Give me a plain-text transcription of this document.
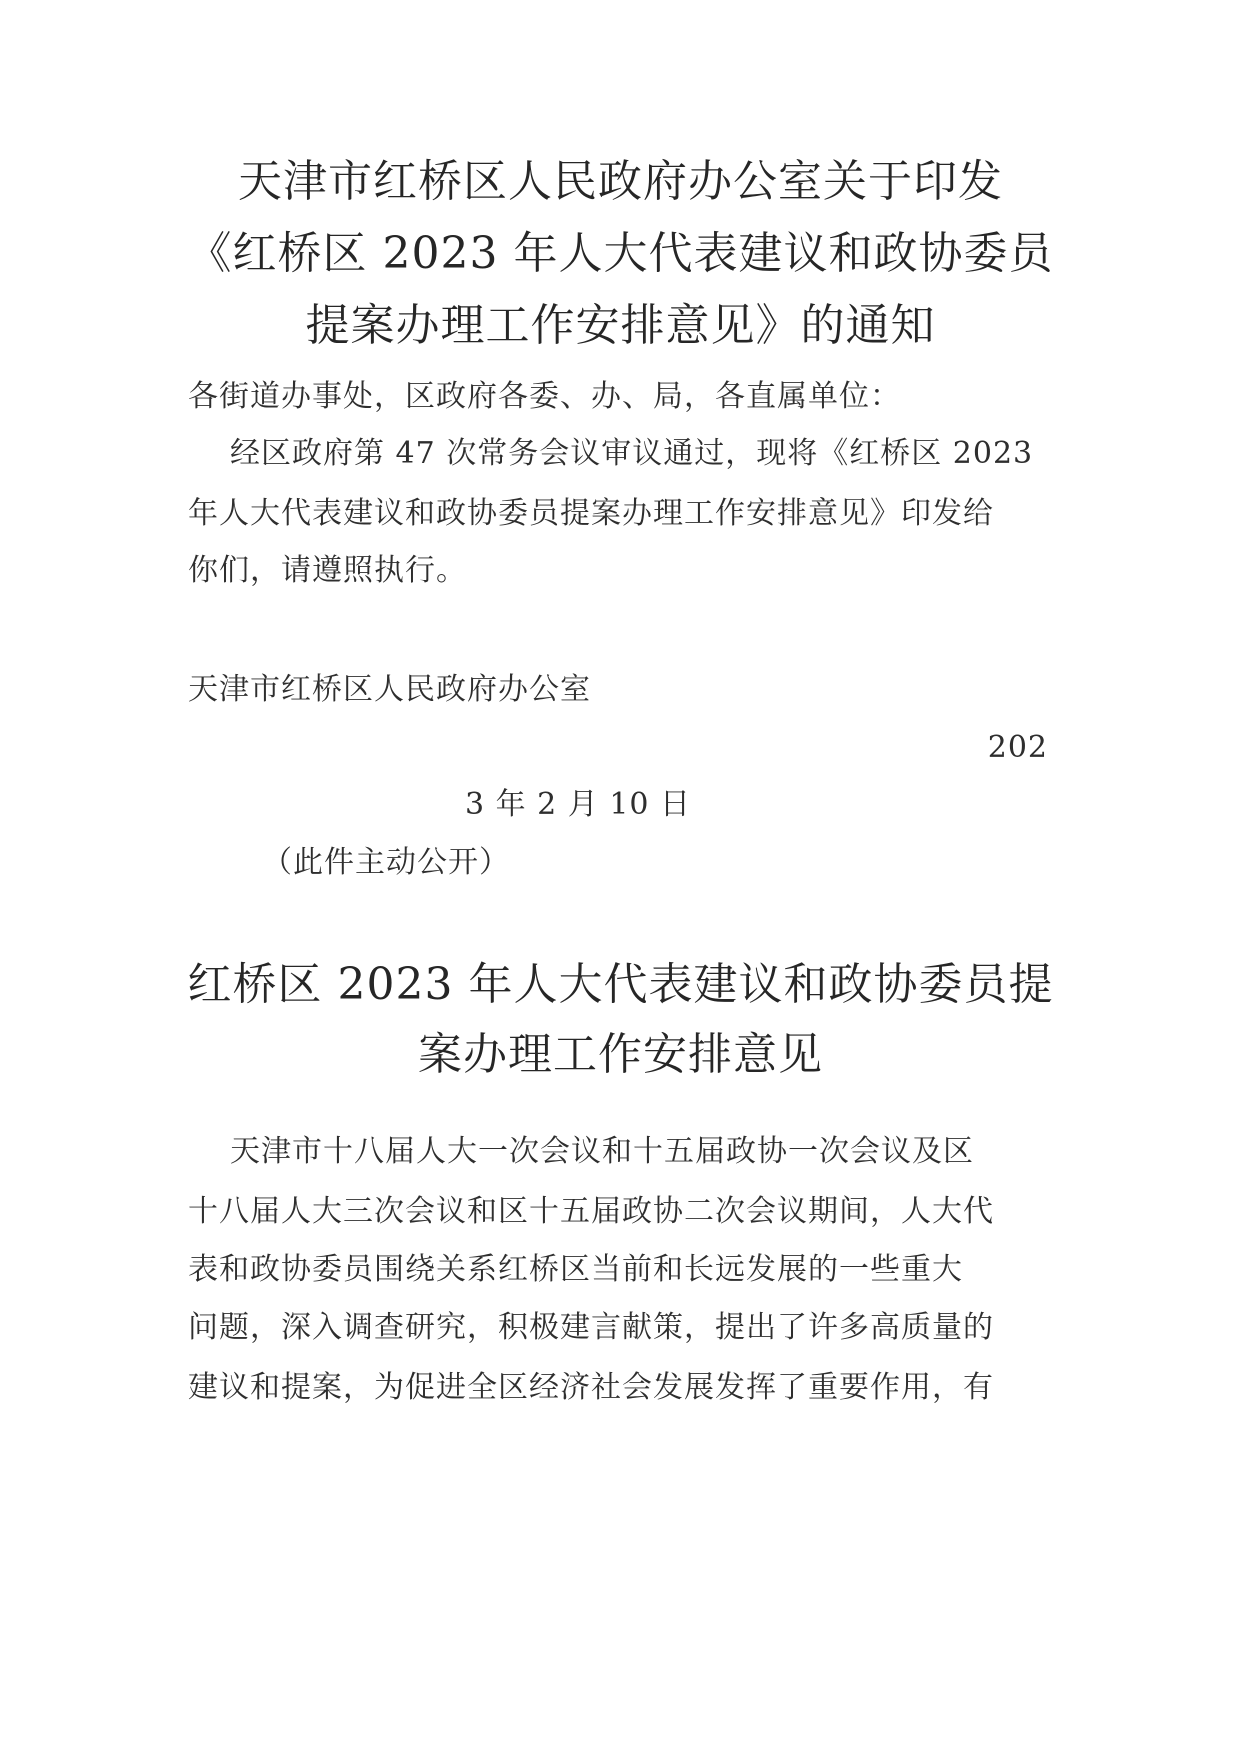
天津市红桥区人民政府办公室关于印发
《红桥区 2023 年人大代表建议和政协委员
提案办理工作安排意见》的通知
各街道办事处，区政府各委、办、局，各直属单位：
经区政府第 47 次常务会议审议通过，现将《红桥区 2023
年人大代表建议和政协委员提案办理工作安排意见》印发给
你们，请遵照执行。
天津市红桥区人民政府办公室
202
3 年 2 月 10 日
（此件主动公开）
红桥区 2023 年人大代表建议和政协委员提
案办理工作安排意见
天津市十八届人大一次会议和十五届政协一次会议及区
十八届人大三次会议和区十五届政协二次会议期间，人大代
表和政协委员围绕关系红桥区当前和长远发展的一些重大
问题，深入调查研究，积极建言献策，提出了许多高质量的
建议和提案，为促进全区经济社会发展发挥了重要作用，有
